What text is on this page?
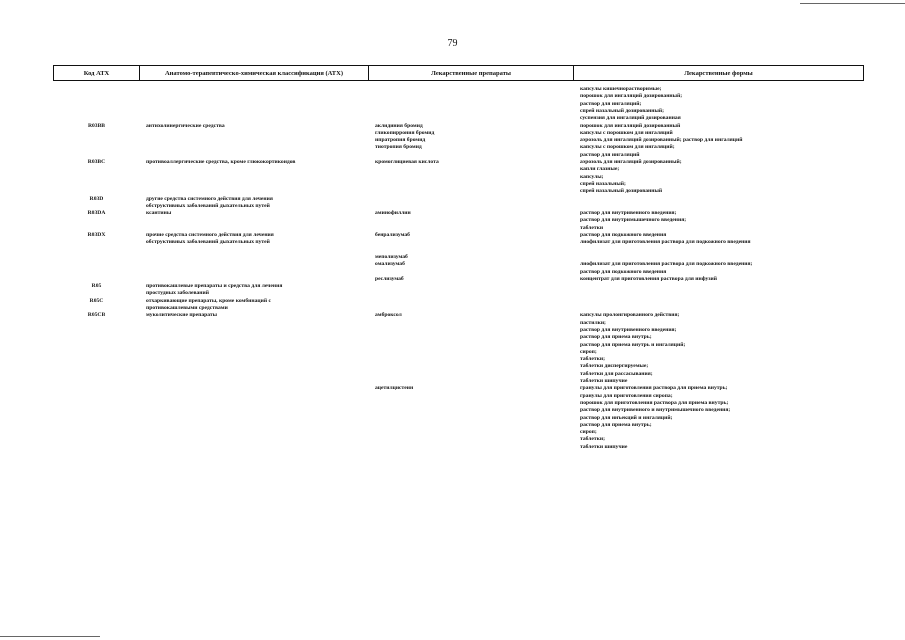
79
Код АТХ	Анатомо-терапевтическо-химическая классификация (АТХ)	Лекарственные препараты	Лекарственные формы
капсулы кишечнорастворимые;
порошок для ингаляций дозированный;
раствор для ингаляций;
спрей назальный дозированный;
суспензия для ингаляций дозированная
R03BB	антихолинергические средства	аклидиния бромид	порошок для ингаляций дозированный
гликопиррония бромид	капсулы с порошком для ингаляций
ипратропия бромид	аэрозоль для ингаляций дозированный; раствор для ингаляций
тиотропия бромид	капсулы с порошком для ингаляций;
раствор для ингаляций
R03BC	противоаллергические средства, кроме глюкокортикоидов	кромоглициевая кислота	аэрозоль для ингаляций дозированный;
капли глазные;
капсулы;
спрей назальный;
спрей назальный дозированный
R03D	другие средства системного действия для лечения
обструктивных заболеваний дыхательных путей
R03DA	ксантины	аминофиллин	раствор для внутривенного введения;
раствор для внутримышечного введения;
таблетки
R03DX	прочие средства системного действия для лечения
обструктивных заболеваний дыхательных путей
бенрализумаб	раствор для подкожного введения
лиофилизат для приготовления раствора для подкожного введения
меполизумаб
омализумаб	лиофилизат для приготовления раствора для подкожного введения;
раствор для подкожного введения
реслизумаб	концентрат для приготовления раствора для инфузий
R05	противокашлевые препараты и средства для лечения
простудных заболеваний
R05C	отхаркивающие препараты, кроме комбинаций с
противокашлевыми средствами
R05CB	муколитические препараты	амброксол	капсулы пролонгированного действия;
пастилки;
раствор для внутривенного введения;
раствор для приема внутрь;
раствор для приема внутрь и ингаляций;
сироп;
таблетки;
таблетки диспергируемые;
таблетки для рассасывания;
таблетки шипучие
ацетилцистеин	гранулы для приготовления раствора для приема внутрь;
гранулы для приготовления сиропа;
порошок для приготовления раствора для приема внутрь;
раствор для внутривенного и внутримышечного введения;
раствор для инъекций и ингаляций;
раствор для приема внутрь;
сироп;
таблетки;
таблетки шипучие
